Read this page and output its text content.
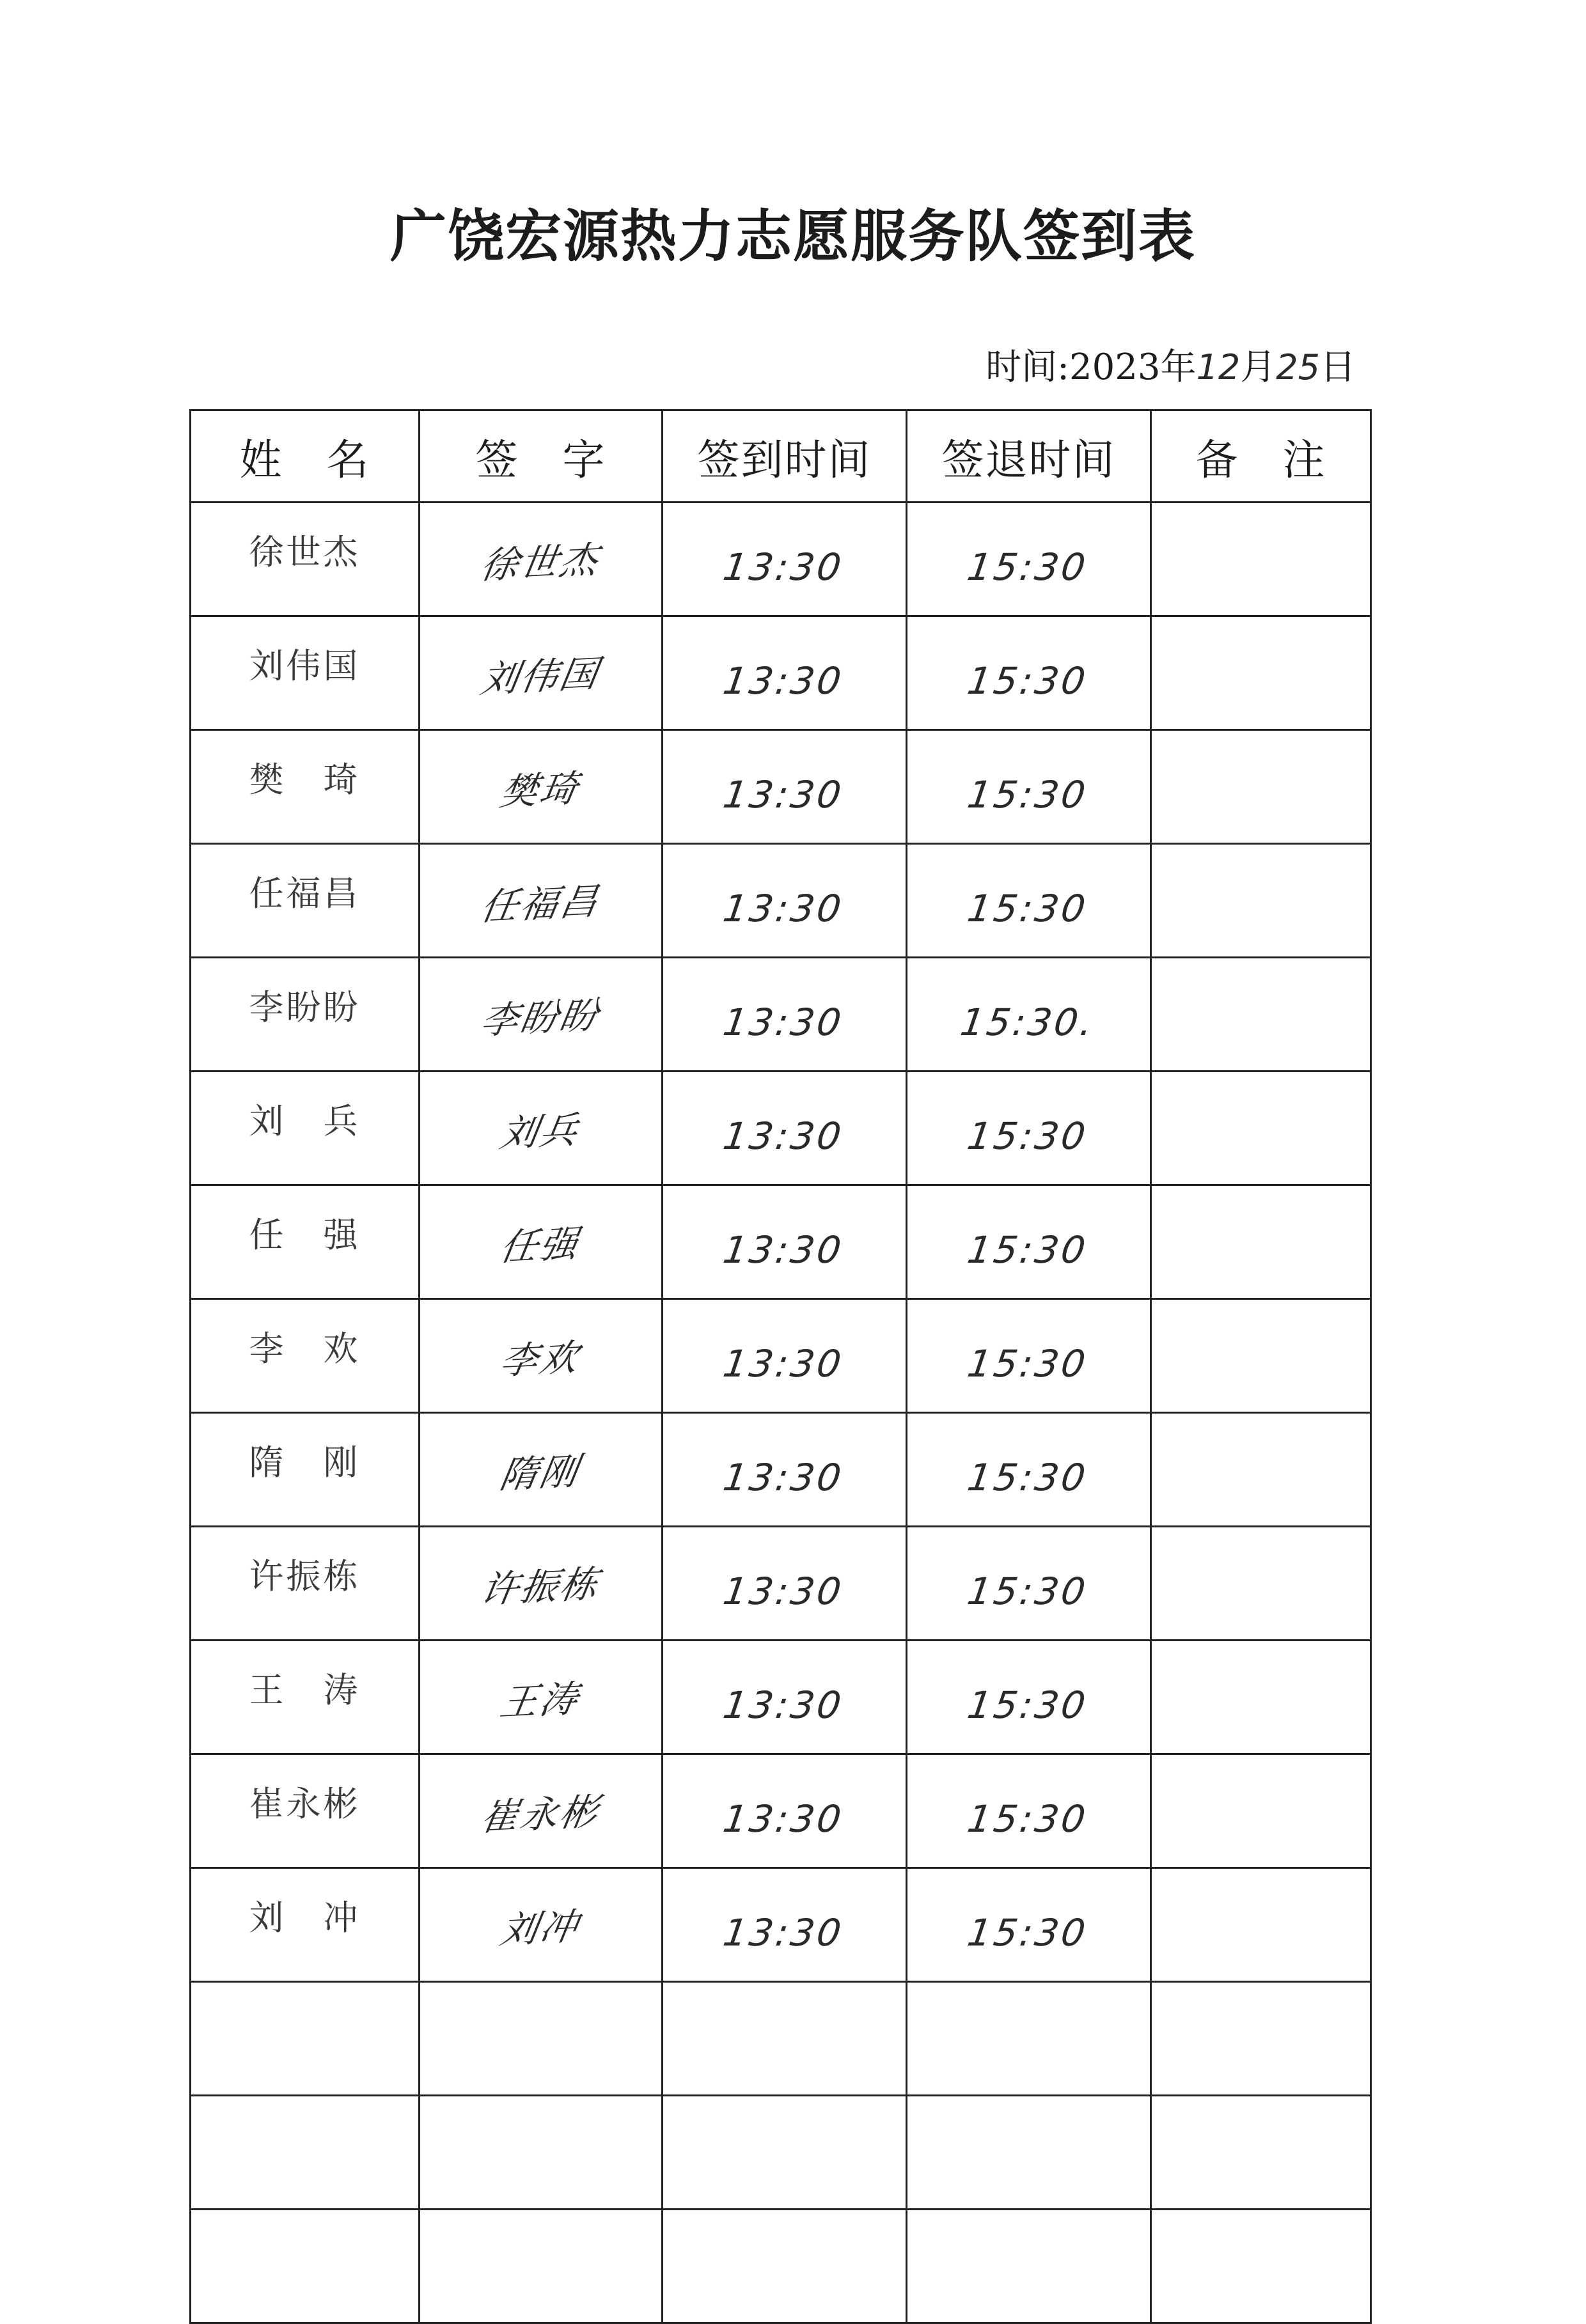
广饶宏源热力志愿服务队签到表
时间:2023年12月25日
姓　名	签　字	签到时间	签退时间	备　注
徐世杰	徐世杰	13:30	15:30	
刘伟国	刘伟国	13:30	15:30	
樊　琦	樊琦	13:30	15:30	
任福昌	任福昌	13:30	15:30	
李盼盼	李盼盼	13:30	15:30.	
刘　兵	刘兵	13:30	15:30	
任　强	任强	13:30	15:30	
李　欢	李欢	13:30	15:30	
隋　刚	隋刚	13:30	15:30	
许振栋	许振栋	13:30	15:30	
王　涛	王涛	13:30	15:30	
崔永彬	崔永彬	13:30	15:30	
刘　冲	刘冲	13:30	15:30	
